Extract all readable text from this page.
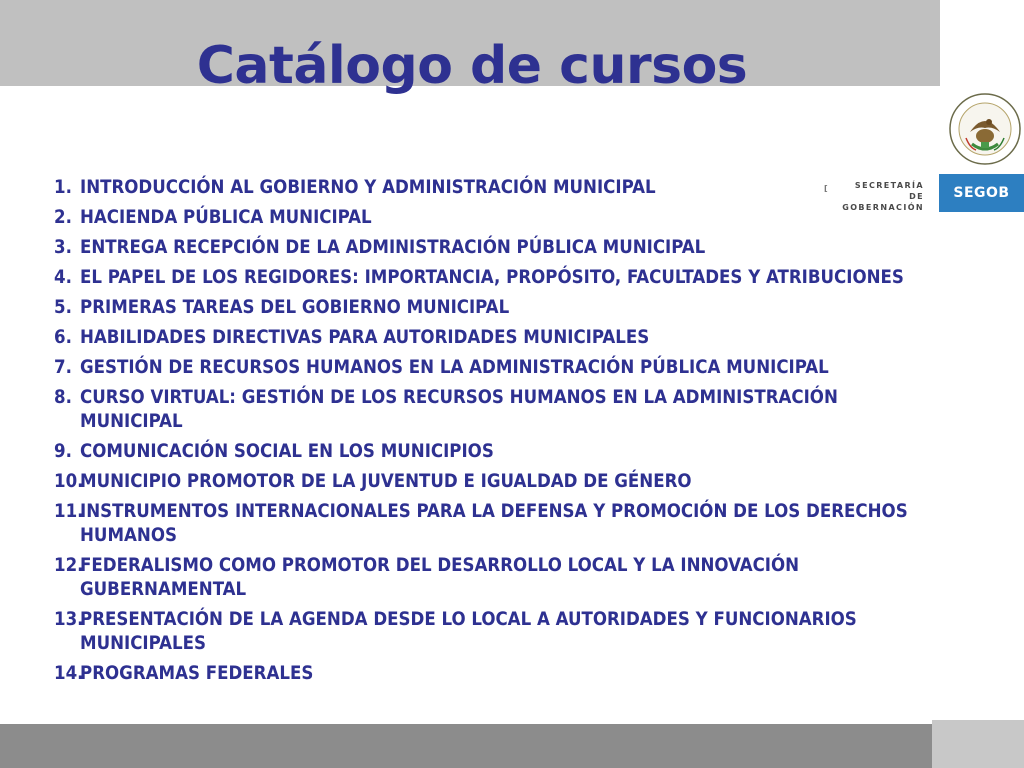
Catálogo de cursos
[	SECRETARÍA
DE GOBERNACIÓN
SEGOB
1. INTRODUCCIÓN AL GOBIERNO Y ADMINISTRACIÓN MUNICIPAL
2. HACIENDA PÚBLICA MUNICIPAL
3. ENTREGA RECEPCIÓN DE LA ADMINISTRACIÓN PÚBLICA MUNICIPAL
4. EL PAPEL DE LOS REGIDORES: IMPORTANCIA, PROPÓSITO, FACULTADES Y ATRIBUCIONES
5. PRIMERAS TAREAS DEL GOBIERNO MUNICIPAL
6. HABILIDADES DIRECTIVAS PARA AUTORIDADES MUNICIPALES
7. GESTIÓN DE RECURSOS HUMANOS EN LA ADMINISTRACIÓN PÚBLICA MUNICIPAL
8. CURSO VIRTUAL: GESTIÓN DE LOS RECURSOS HUMANOS EN LA ADMINISTRACIÓN MUNICIPAL
9. COMUNICACIÓN SOCIAL EN LOS MUNICIPIOS
10.
MUNICIPIO PROMOTOR DE LA JUVENTUD E IGUALDAD DE GÉNERO
11.
INSTRUMENTOS INTERNACIONALES PARA LA DEFENSA Y PROMOCIÓN DE LOS DERECHOS HUMANOS
12.
FEDERALISMO COMO PROMOTOR DEL DESARROLLO LOCAL Y LA INNOVACIÓN GUBERNAMENTAL
13.
PRESENTACIÓN DE LA AGENDA DESDE LO LOCAL A AUTORIDADES Y FUNCIONARIOS MUNICIPALES
14.
PROGRAMAS FEDERALES
